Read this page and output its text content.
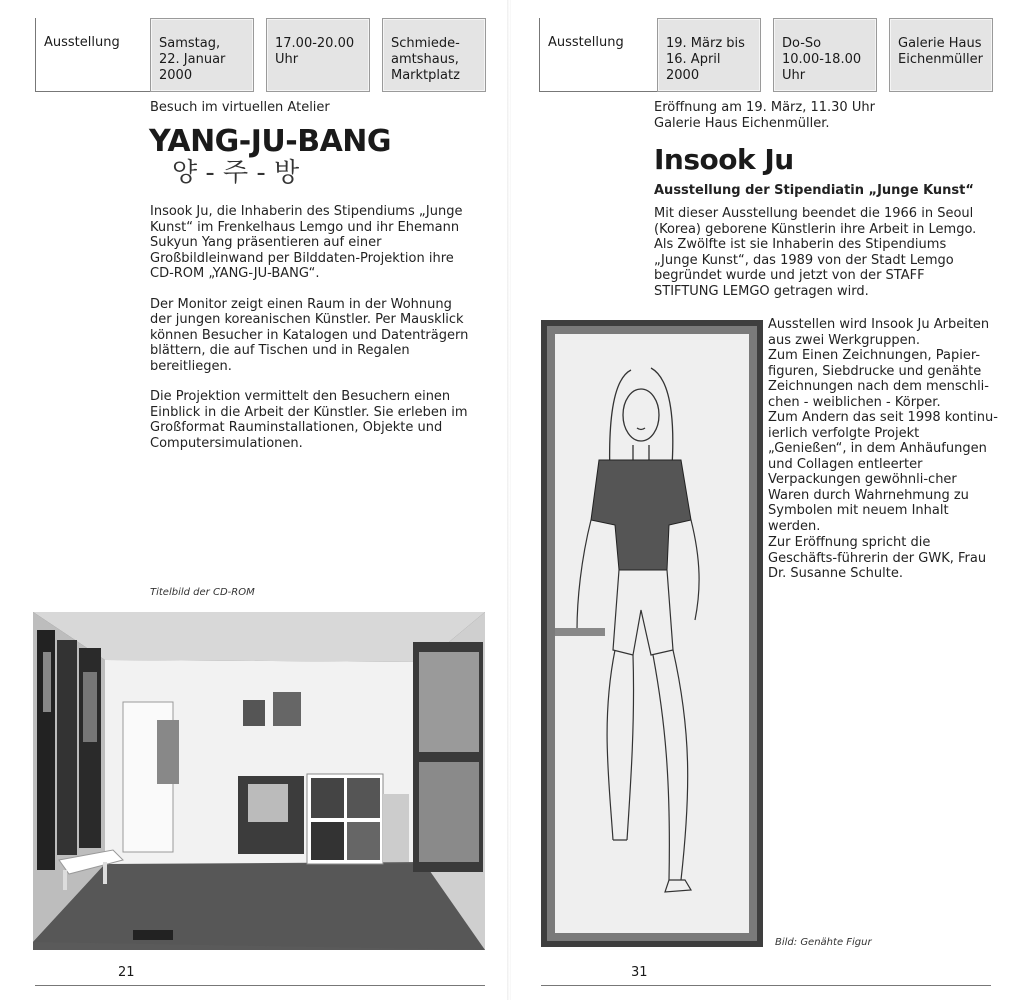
Ausstellung	Samstag,
22. Januar
2000
17.00-20.00
Uhr
Schmiede-
amtshaus,
Marktplatz
Besuch im virtuellen Atelier
YANG-JU-BANG
양 - 주 - 방

Insook Ju, die Inhaberin des Stipendiums „Junge Kunst“ im Frenkelhaus Lemgo und ihr Ehemann Sukyun Yang präsentieren auf einer Großbildleinwand per Bilddaten-Projektion ihre CD-ROM „YANG-JU-BANG“.

Der Monitor zeigt einen Raum in der Wohnung der jungen koreanischen Künstler. Per Mausklick können Besucher in Katalogen und Datenträgern blättern, die auf Tischen und in Regalen bereitliegen.

Die Projektion vermittelt den Besuchern einen Einblick in die Arbeit der Künstler. Sie erleben im Großformat Rauminstallationen, Objekte und Computersimulationen.

Titelbild der CD-ROM
21
Ausstellung	19. März bis
16. April
2000
Do-So
10.00-18.00
Uhr
Galerie Haus
Eichenmüller
Eröffnung am 19. März, 11.30 Uhr
Galerie Haus Eichenmüller.
Insook Ju
Ausstellung der Stipendiatin „Junge Kunst“
Mit dieser Ausstellung beendet die 1966 in Seoul (Korea) geborene Künstlerin ihre Arbeit in Lemgo. Als Zwölfte ist sie Inhaberin des Stipendiums „Junge Kunst“, das 1989 von der Stadt Lemgo begründet wurde und jetzt von der STAFF STIFTUNG LEMGO getragen wird.
Ausstellen wird Insook Ju Arbeiten aus zwei Werkgruppen.
Zum Einen Zeichnungen, Papier-figuren, Siebdrucke und genähte Zeichnungen nach dem menschli-chen - weiblichen - Körper.
Zum Andern das seit 1998 kontinu-ierlich verfolgte Projekt „Genießen“, in dem Anhäufungen und Collagen entleerter Verpackungen gewöhnli-cher Waren durch Wahrnehmung zu Symbolen mit neuem Inhalt werden.
Zur Eröffnung spricht die Geschäfts-führerin der GWK, Frau Dr. Susanne Schulte.
Bild: Genähte Figur
31
